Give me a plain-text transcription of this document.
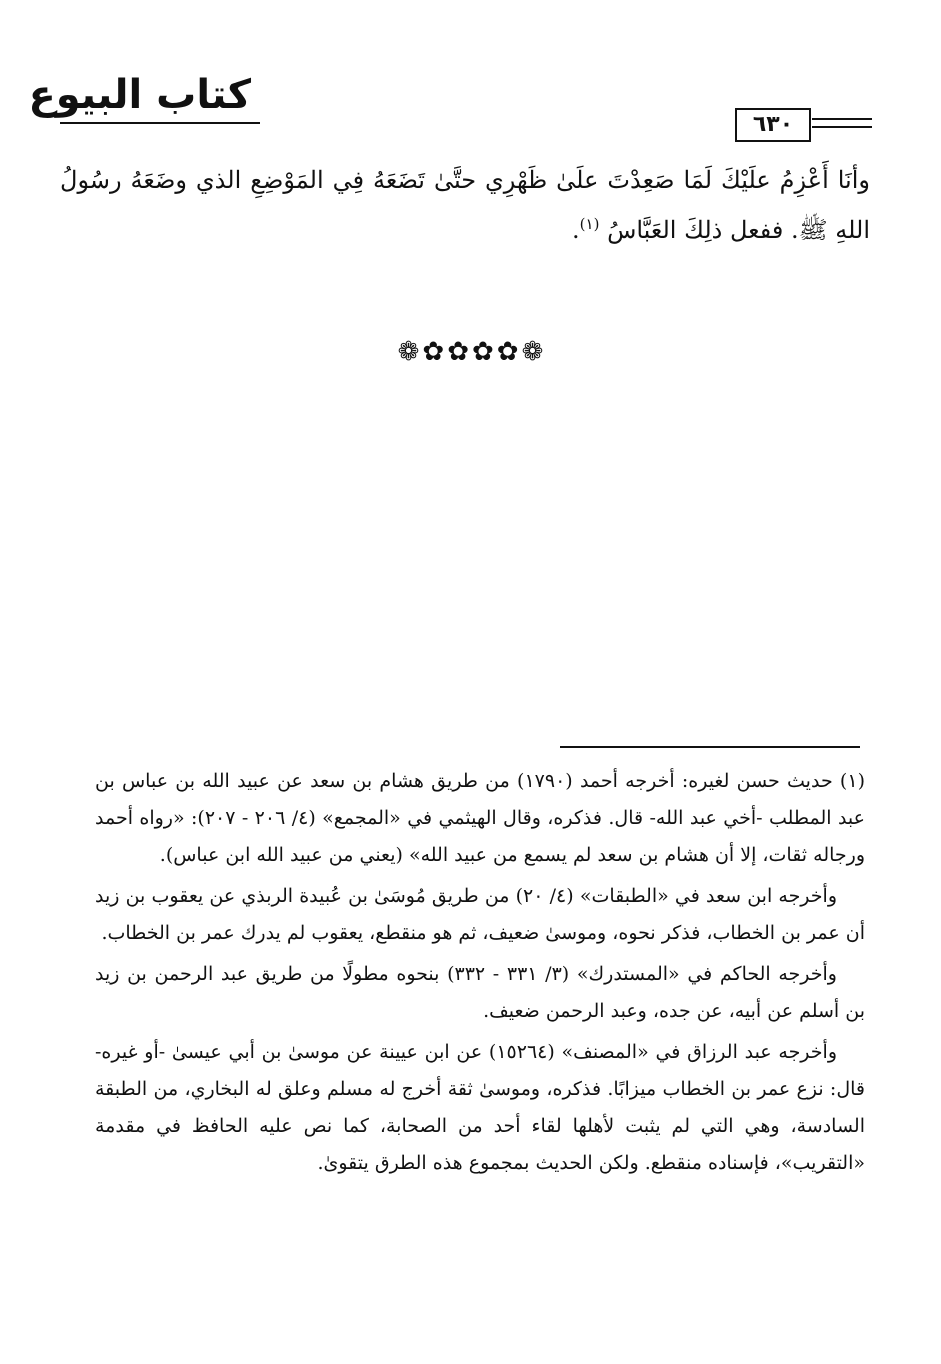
كتاب البيوع
٦٣٠

وأنَا أَعْزِمُ علَيْكَ لَمَا صَعِدْتَ علَىٰ ظَهْرِي حتَّىٰ تَضَعَهُ فِي المَوْضِعِ الذي وضَعَهُ رسُولُ اللهِ ﷺ. ففعل ذلِكَ العَبَّاسُ $^{(١)}$.

❁ ✿ ✿ ✿ ✿ ❁

(١) حديث حسن لغيره: أخرجه أحمد (١٧٩٠) من طريق هشام بن سعد عن عبيد الله بن عباس بن عبد المطلب -أخي عبد الله- قال. فذكره، وقال الهيثمي في «المجمع» (٤/ ٢٠٦ - ٢٠٧): «رواه أحمد ورجاله ثقات، إلا أن هشام بن سعد لم يسمع من عبيد الله» (يعني من عبيد الله ابن عباس).

وأخرجه ابن سعد في «الطبقات» (٤/ ٢٠) من طريق مُوسَىٰ بن عُبيدة الربذي عن يعقوب بن زيد أن عمر بن الخطاب، فذكر نحوه، وموسىٰ ضعيف، ثم هو منقطع، يعقوب لم يدرك عمر بن الخطاب.

وأخرجه الحاكم في «المستدرك» (٣/ ٣٣١ - ٣٣٢) بنحوه مطولًا من طريق عبد الرحمن بن زيد بن أسلم عن أبيه، عن جده، وعبد الرحمن ضعيف.

وأخرجه عبد الرزاق في «المصنف» (١٥٢٦٤) عن ابن عيينة عن موسىٰ بن أبي عيسىٰ -أو غيره- قال: نزع عمر بن الخطاب ميزابًا. فذكره، وموسىٰ ثقة أخرج له مسلم وعلق له البخاري، من الطبقة السادسة، وهي التي لم يثبت لأهلها لقاء أحد من الصحابة، كما نص عليه الحافظ في مقدمة «التقريب»، فإسناده منقطع. ولكن الحديث بمجموع هذه الطرق يتقوىٰ.
